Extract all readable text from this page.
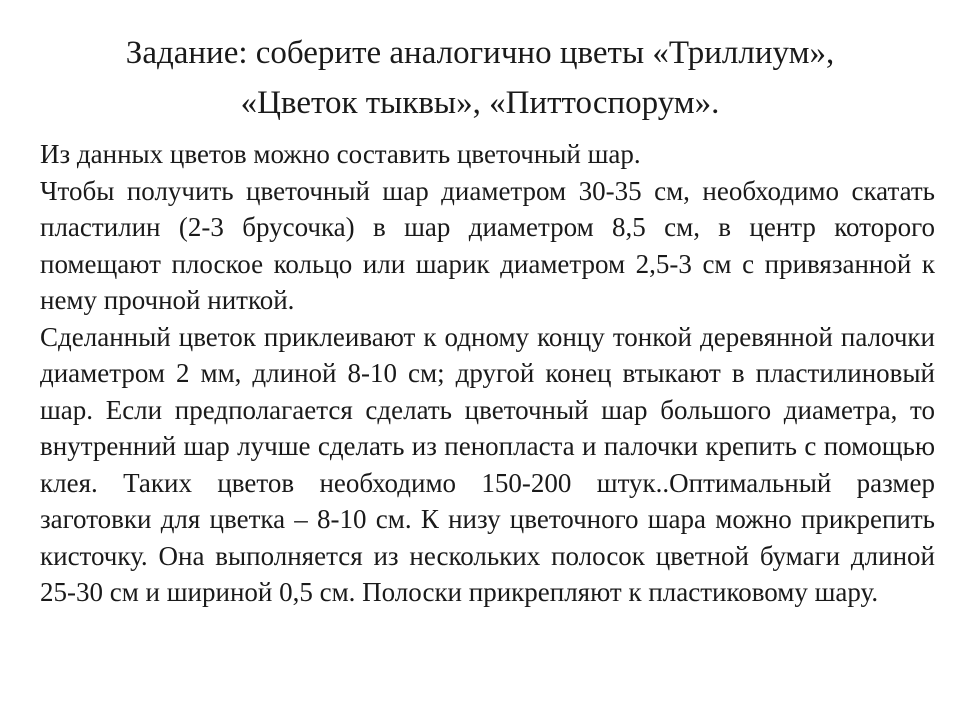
Задание: соберите аналогично цветы «Триллиум»,
«Цветок тыквы», «Питтоспорум».

Из данных цветов можно составить цветочный шар.

Чтобы получить цветочный шар диаметром 30-35 см, необходимо скатать пластилин (2-3 брусочка) в шар диаметром 8,5 см, в центр которого помещают плоское кольцо или шарик диаметром 2,5-3 см с привязанной к нему прочной ниткой.

Сделанный цветок приклеивают к одному концу тонкой деревянной палочки диаметром 2 мм, длиной 8-10 см; другой конец втыкают в пластилиновый шар. Если предполагается сделать цветочный шар большого диаметра, то внутренний шар лучше сделать из пенопласта и палочки крепить с помощью клея. Таких цветов необходимо 150-200 штук..Оптимальный размер заготовки для цветка – 8-10 см. К низу цветочного шара можно прикрепить кисточку. Она выполняется из нескольких полосок цветной бумаги длиной 25-30 см и шириной 0,5 см. Полоски прикрепляют к пластиковому шару.
